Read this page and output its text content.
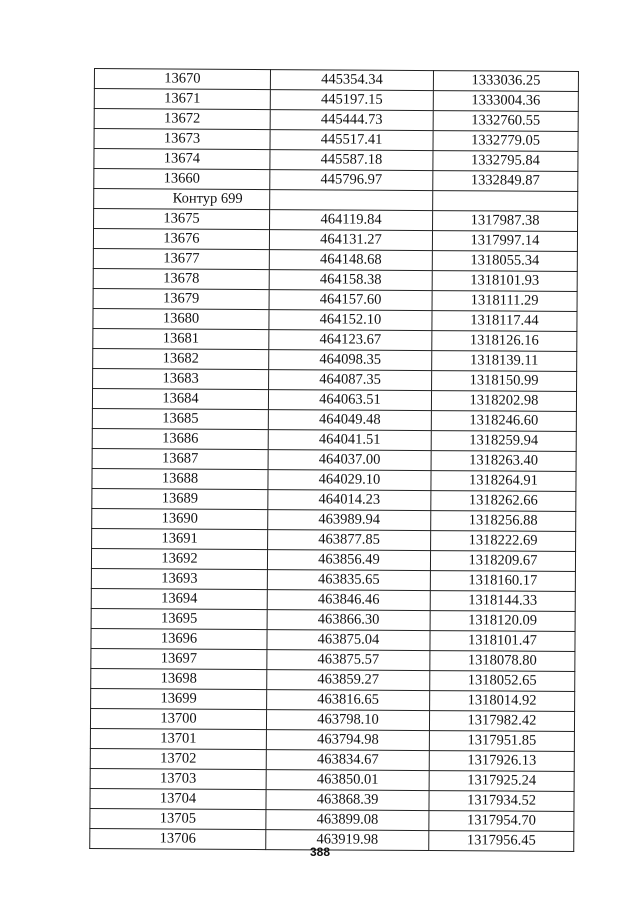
13670	445354.34	1333036.25
13671	445197.15	1333004.36
13672	445444.73	1332760.55
13673	445517.41	1332779.05
13674	445587.18	1332795.84
13660	445796.97	1332849.87
Контур 699		
13675	464119.84	1317987.38
13676	464131.27	1317997.14
13677	464148.68	1318055.34
13678	464158.38	1318101.93
13679	464157.60	1318111.29
13680	464152.10	1318117.44
13681	464123.67	1318126.16
13682	464098.35	1318139.11
13683	464087.35	1318150.99
13684	464063.51	1318202.98
13685	464049.48	1318246.60
13686	464041.51	1318259.94
13687	464037.00	1318263.40
13688	464029.10	1318264.91
13689	464014.23	1318262.66
13690	463989.94	1318256.88
13691	463877.85	1318222.69
13692	463856.49	1318209.67
13693	463835.65	1318160.17
13694	463846.46	1318144.33
13695	463866.30	1318120.09
13696	463875.04	1318101.47
13697	463875.57	1318078.80
13698	463859.27	1318052.65
13699	463816.65	1318014.92
13700	463798.10	1317982.42
13701	463794.98	1317951.85
13702	463834.67	1317926.13
13703	463850.01	1317925.24
13704	463868.39	1317934.52
13705	463899.08	1317954.70
13706	463919.98	1317956.45
388
